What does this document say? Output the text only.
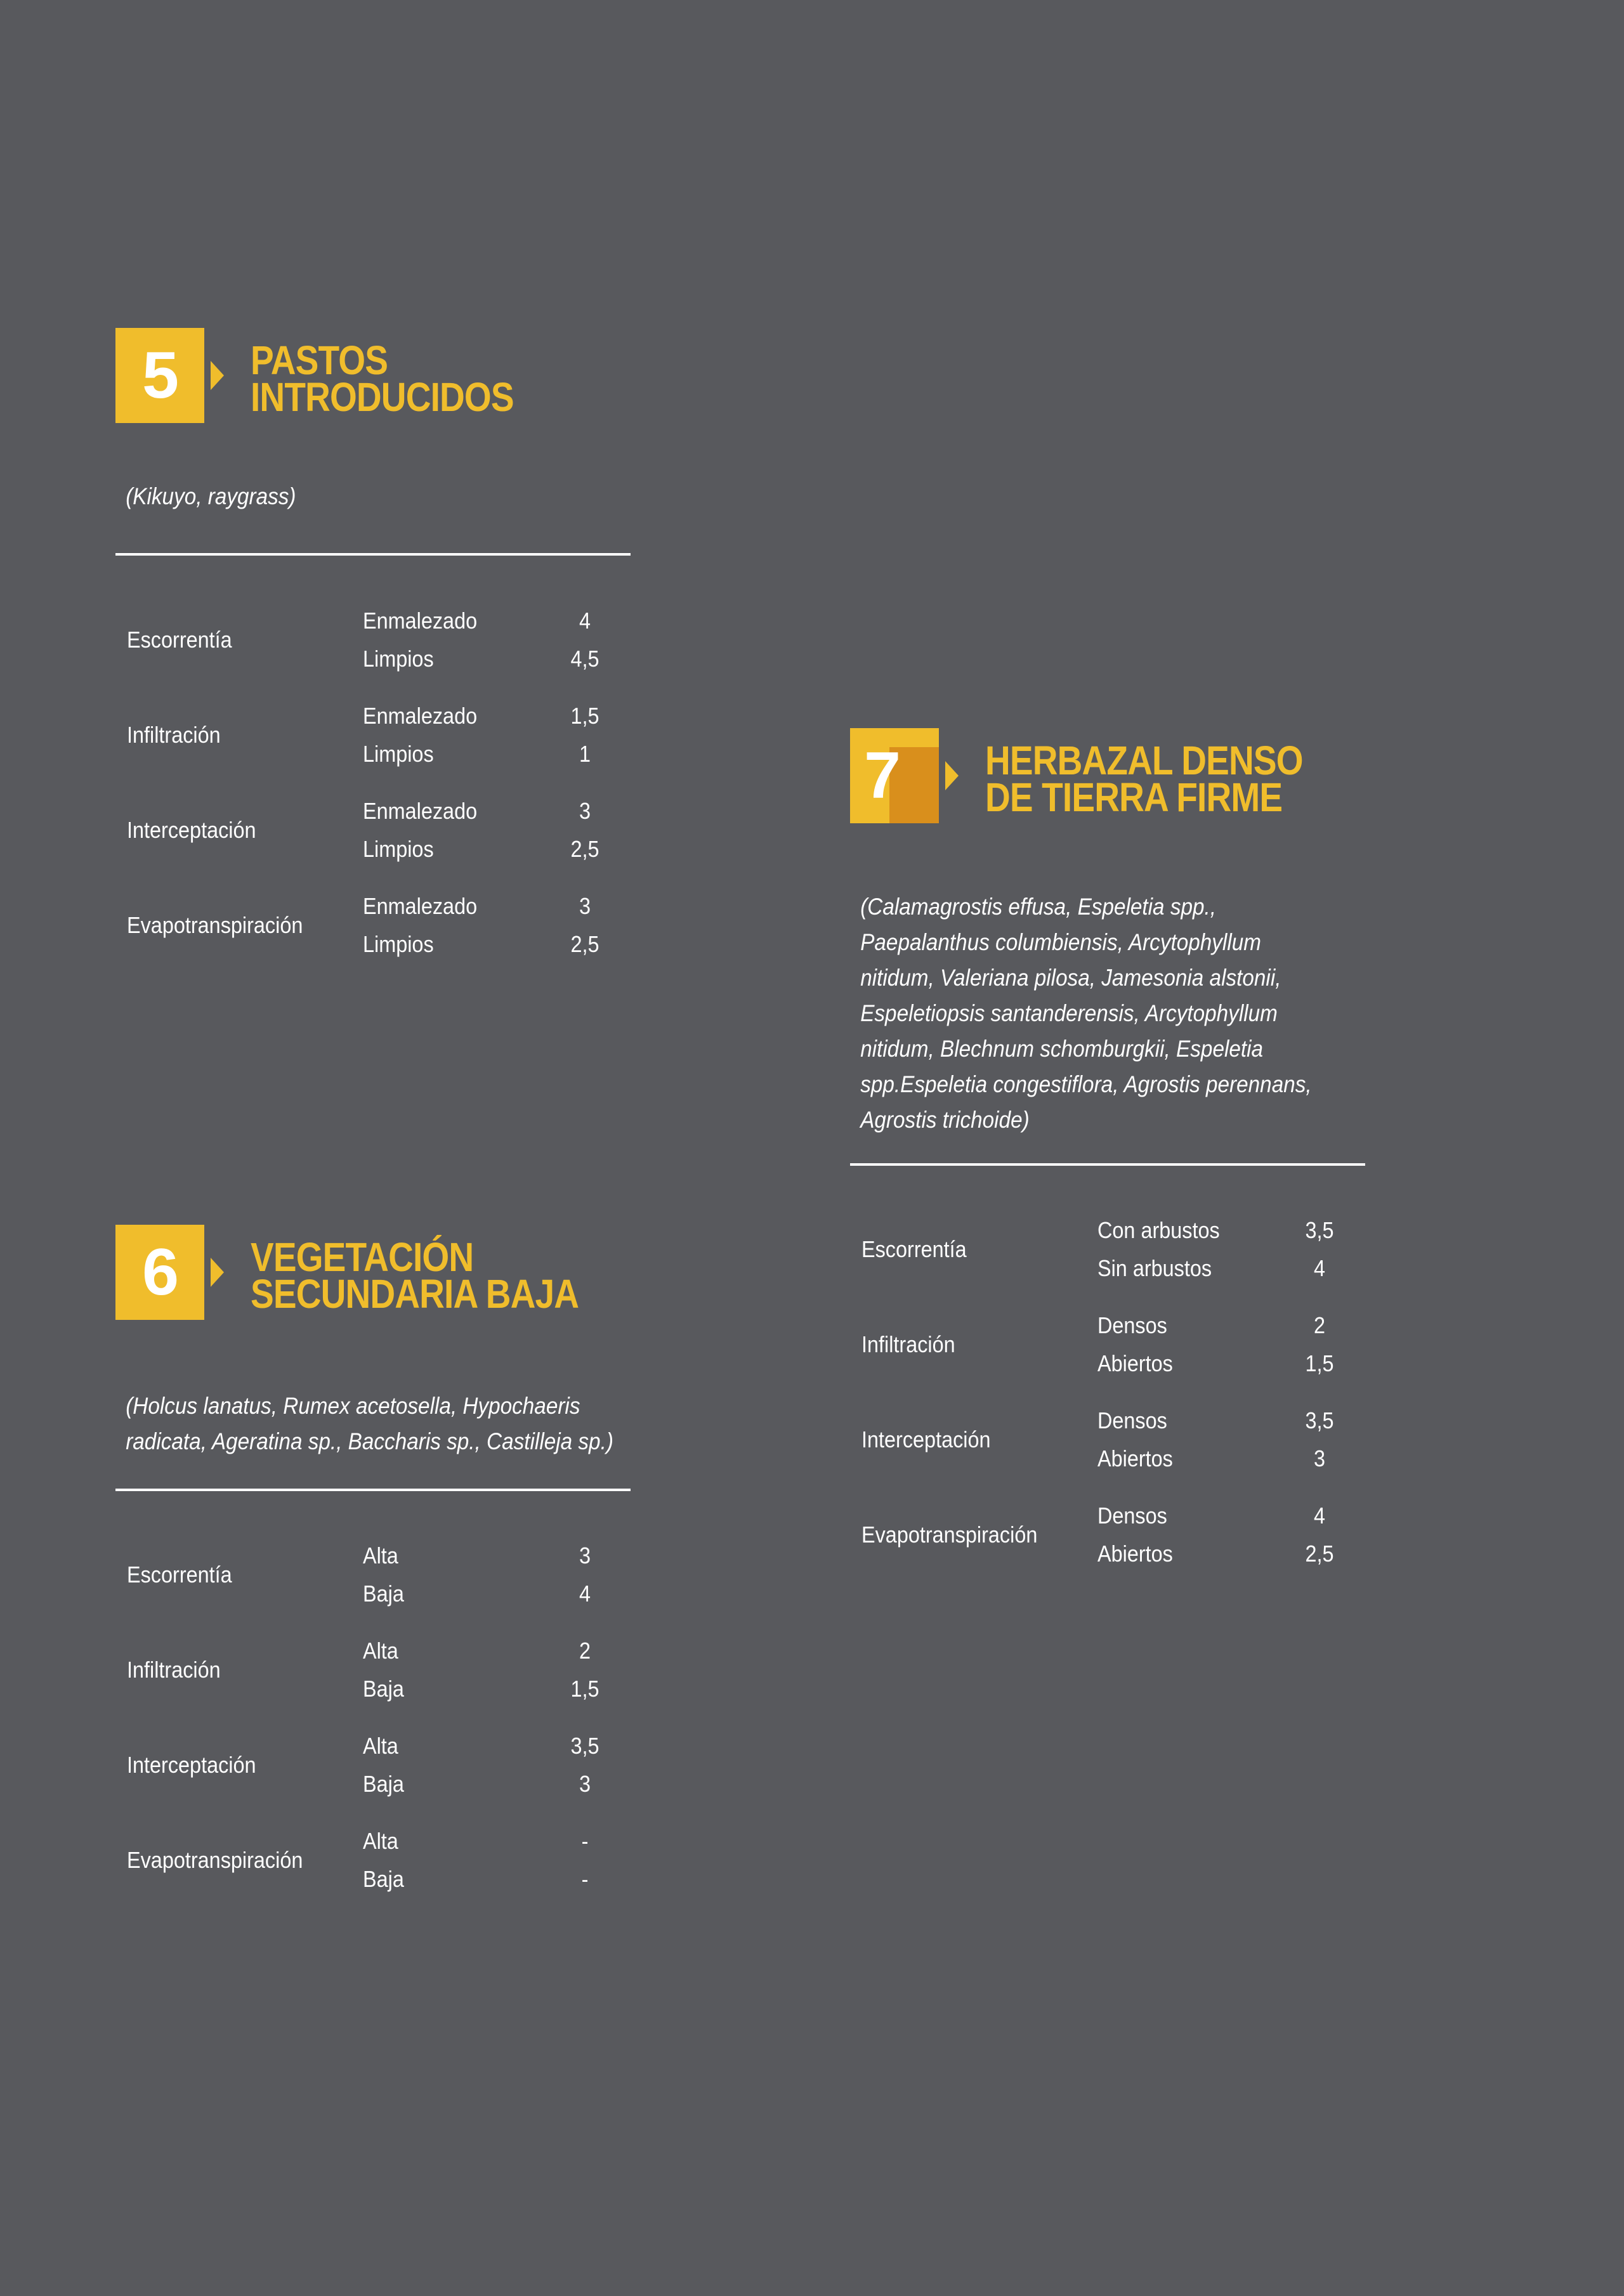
5	PASTOS
INTRODUCIDOS

(Kikuyo, raygrass)

Escorrentía
Enmalezado	4
Limpios	4,5
Infiltración
Enmalezado	1,5
Limpios	1
Interceptación
Enmalezado	3
Limpios	2,5
Evapotranspiración
Enmalezado	3
Limpios	2,5
6	VEGETACIÓN
SECUNDARIA BAJA

(Holcus lanatus, Rumex acetosella, Hypochaeris
radicata, Ageratina sp., Baccharis sp., Castilleja sp.)

Escorrentía
Alta	3
Baja	4
Infiltración
Alta	2
Baja	1,5
Interceptación
Alta	3,5
Baja	3
Evapotranspiración
Alta	-
Baja	-
7	HERBAZAL DENSO
DE TIERRA FIRME

(Calamagrostis effusa, Espeletia spp.,
Paepalanthus columbiensis, Arcytophyllum
nitidum, Valeriana pilosa, Jamesonia alstonii,
Espeletiopsis santanderensis, Arcytophyllum
nitidum, Blechnum schomburgkii, Espeletia
spp.Espeletia congestiflora, Agrostis perennans,
Agrostis trichoide)

Escorrentía
Con arbustos	3,5
Sin arbustos	4
Infiltración
Densos	2
Abiertos	1,5
Interceptación
Densos	3,5
Abiertos	3
Evapotranspiración
Densos	4
Abiertos	2,5
